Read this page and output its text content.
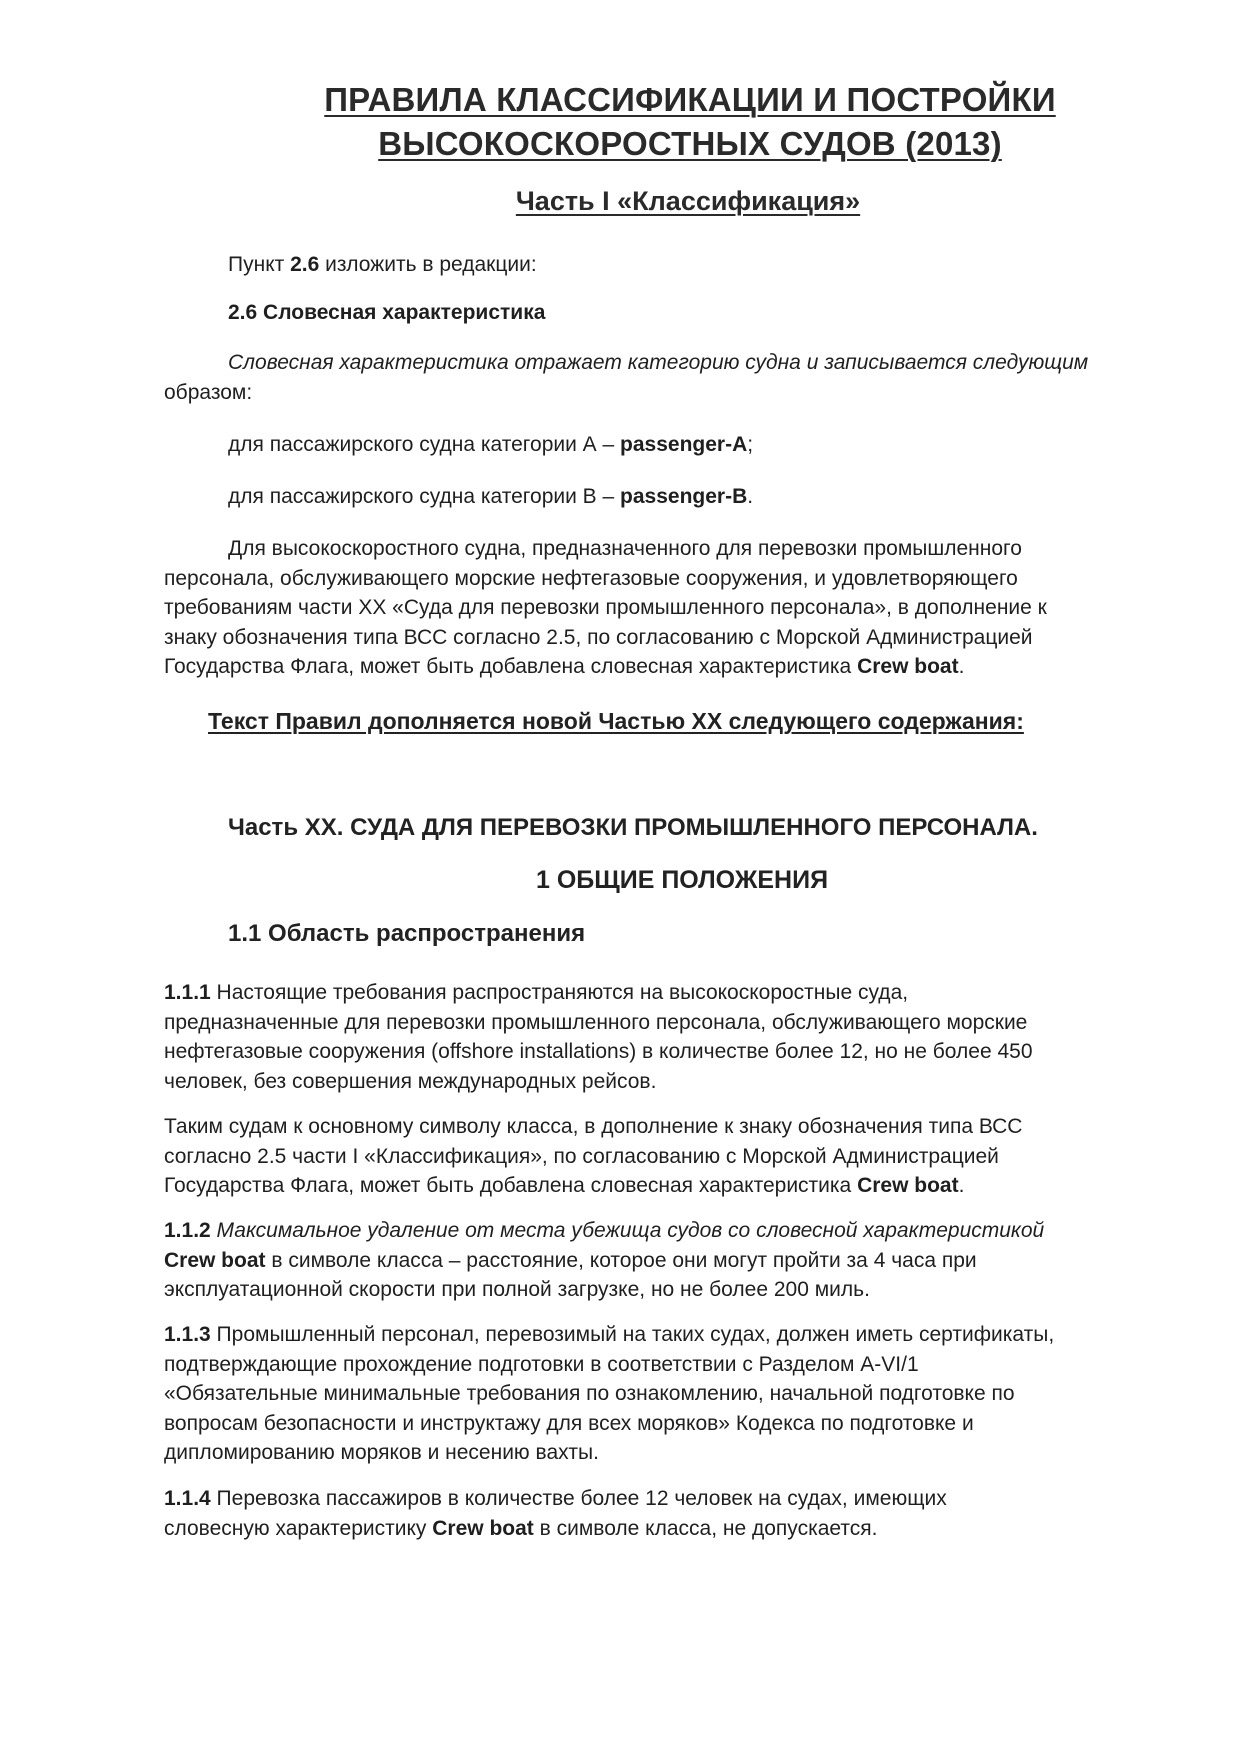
ПРАВИЛА КЛАССИФИКАЦИИ И ПОСТРОЙКИ
ВЫСОКОСКОРОСТНЫХ СУДОВ (2013)
Часть I «Классификация»
Пункт 2.6 изложить в редакции:
2.6 Словесная характеристика

Словесная характеристика отражает категорию судна и записывается следующим

образом:
для пассажирского судна категории А – passenger-A;
для пассажирского судна категории В – passenger-B.

Для высокоскоростного судна, предназначенного для перевозки промышленного

персонала, обслуживающего морские нефтегазовые сооружения, и удовлетворяющего

требованиям части XX «Суда для перевозки промышленного персонала», в дополнение к

знаку обозначения типа ВСС согласно 2.5, по согласованию с Морской Администрацией

Государства Флага, может быть добавлена словесная характеристика Crew boat.

Текст Правил дополняется новой Частью XX следующего содержания:
Часть XX. СУДА ДЛЯ ПЕРЕВОЗКИ ПРОМЫШЛЕННОГО ПЕРСОНАЛА.
1 ОБЩИЕ ПОЛОЖЕНИЯ
1.1 Область распространения

1.1.1 Настоящие требования распространяются на высокоскоростные суда,

предназначенные для перевозки промышленного персонала, обслуживающего морские

нефтегазовые сооружения (offshore installations) в количестве более 12, но не более 450

человек, без совершения международных рейсов.

Таким судам к основному символу класса, в дополнение к знаку обозначения типа ВСС

согласно 2.5 части I «Классификация», по согласованию с Морской Администрацией

Государства Флага, может быть добавлена словесная характеристика Crew boat.

1.1.2 Максимальное удаление от места убежища судов со словесной характеристикой

Crew boat в символе класса – расстояние, которое они могут пройти за 4 часа при

эксплуатационной скорости при полной загрузке, но не более 200 миль.

1.1.3 Промышленный персонал, перевозимый на таких судах, должен иметь сертификаты,

подтверждающие прохождение подготовки в соответствии с Разделом A-VI/1

«Обязательные минимальные требования по ознакомлению, начальной подготовке по

вопросам безопасности и инструктажу для всех моряков» Кодекса по подготовке и

дипломированию моряков и несению вахты.

1.1.4 Перевозка пассажиров в количестве более 12 человек на судах, имеющих

словесную характеристику Crew boat в символе класса, не допускается.
